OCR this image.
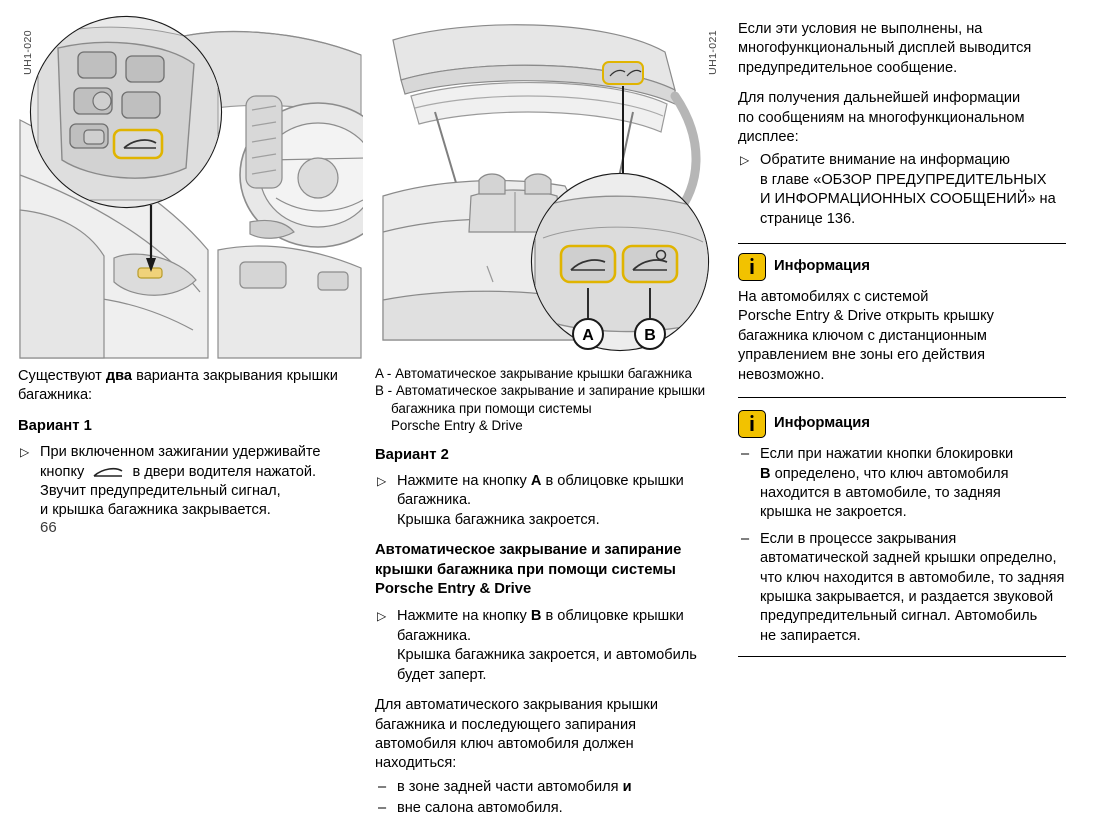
UH1-020

Существуют два варианта закрывания крышки багажника:

Вариант 1

▷ При включенном зажигании удерживайте
кнопку	в двери водителя нажатой.
Звучит предупредительный сигнал,
и крышка багажника закрывается.
66
UH1-021
A	B
A - Автоматическое закрывание крышки багажника
B - Автоматическое закрывание и запирание крышки
багажника при помощи системы
Porsche Entry & Drive

Вариант 2

▷ Нажмите на кнопку A в облицовке крышки
багажника.
Крышка багажника закроется.
Автоматическое закрывание и запирание
крышки багажника при помощи системы
Porsche Entry & Drive
▷ Нажмите на кнопку B в облицовке крышки
багажника.
Крышка багажника закроется, и автомобиль
будет заперт.
Для автоматического закрывания крышки
багажника и последующего запирания
автомобиля ключ автомобиля должен
находиться:
– в зоне задней части автомобиля и
– вне салона автомобиля.

Если эти условия не выполнены, на
многофункциональный дисплей выводится
предупредительное сообщение.

Для получения дальнейшей информации
по сообщениям на многофункциональном
дисплее:

▷ Обратите внимание на информацию
в главе «ОБЗОР ПРЕДУПРЕДИТЕЛЬНЫХ
И ИНФОРМАЦИОННЫХ СООБЩЕНИЙ» на
странице 136.
Информация
На автомобилях с системой
Porsche Entry & Drive открыть крышку
багажника ключом с дистанционным
управлением вне зоны его действия
невозможно.
Информация
– Если при нажатии кнопки блокировки
B определено, что ключ автомобиля
находится в автомобиле, то задняя
крышка не закроется.
– Если в процессе закрывания
автоматической задней крышки определно,
что ключ находится в автомобиле, то задняя
крышка закрывается, и раздается звуковой
предупредительный сигнал. Автомобиль
не запирается.
